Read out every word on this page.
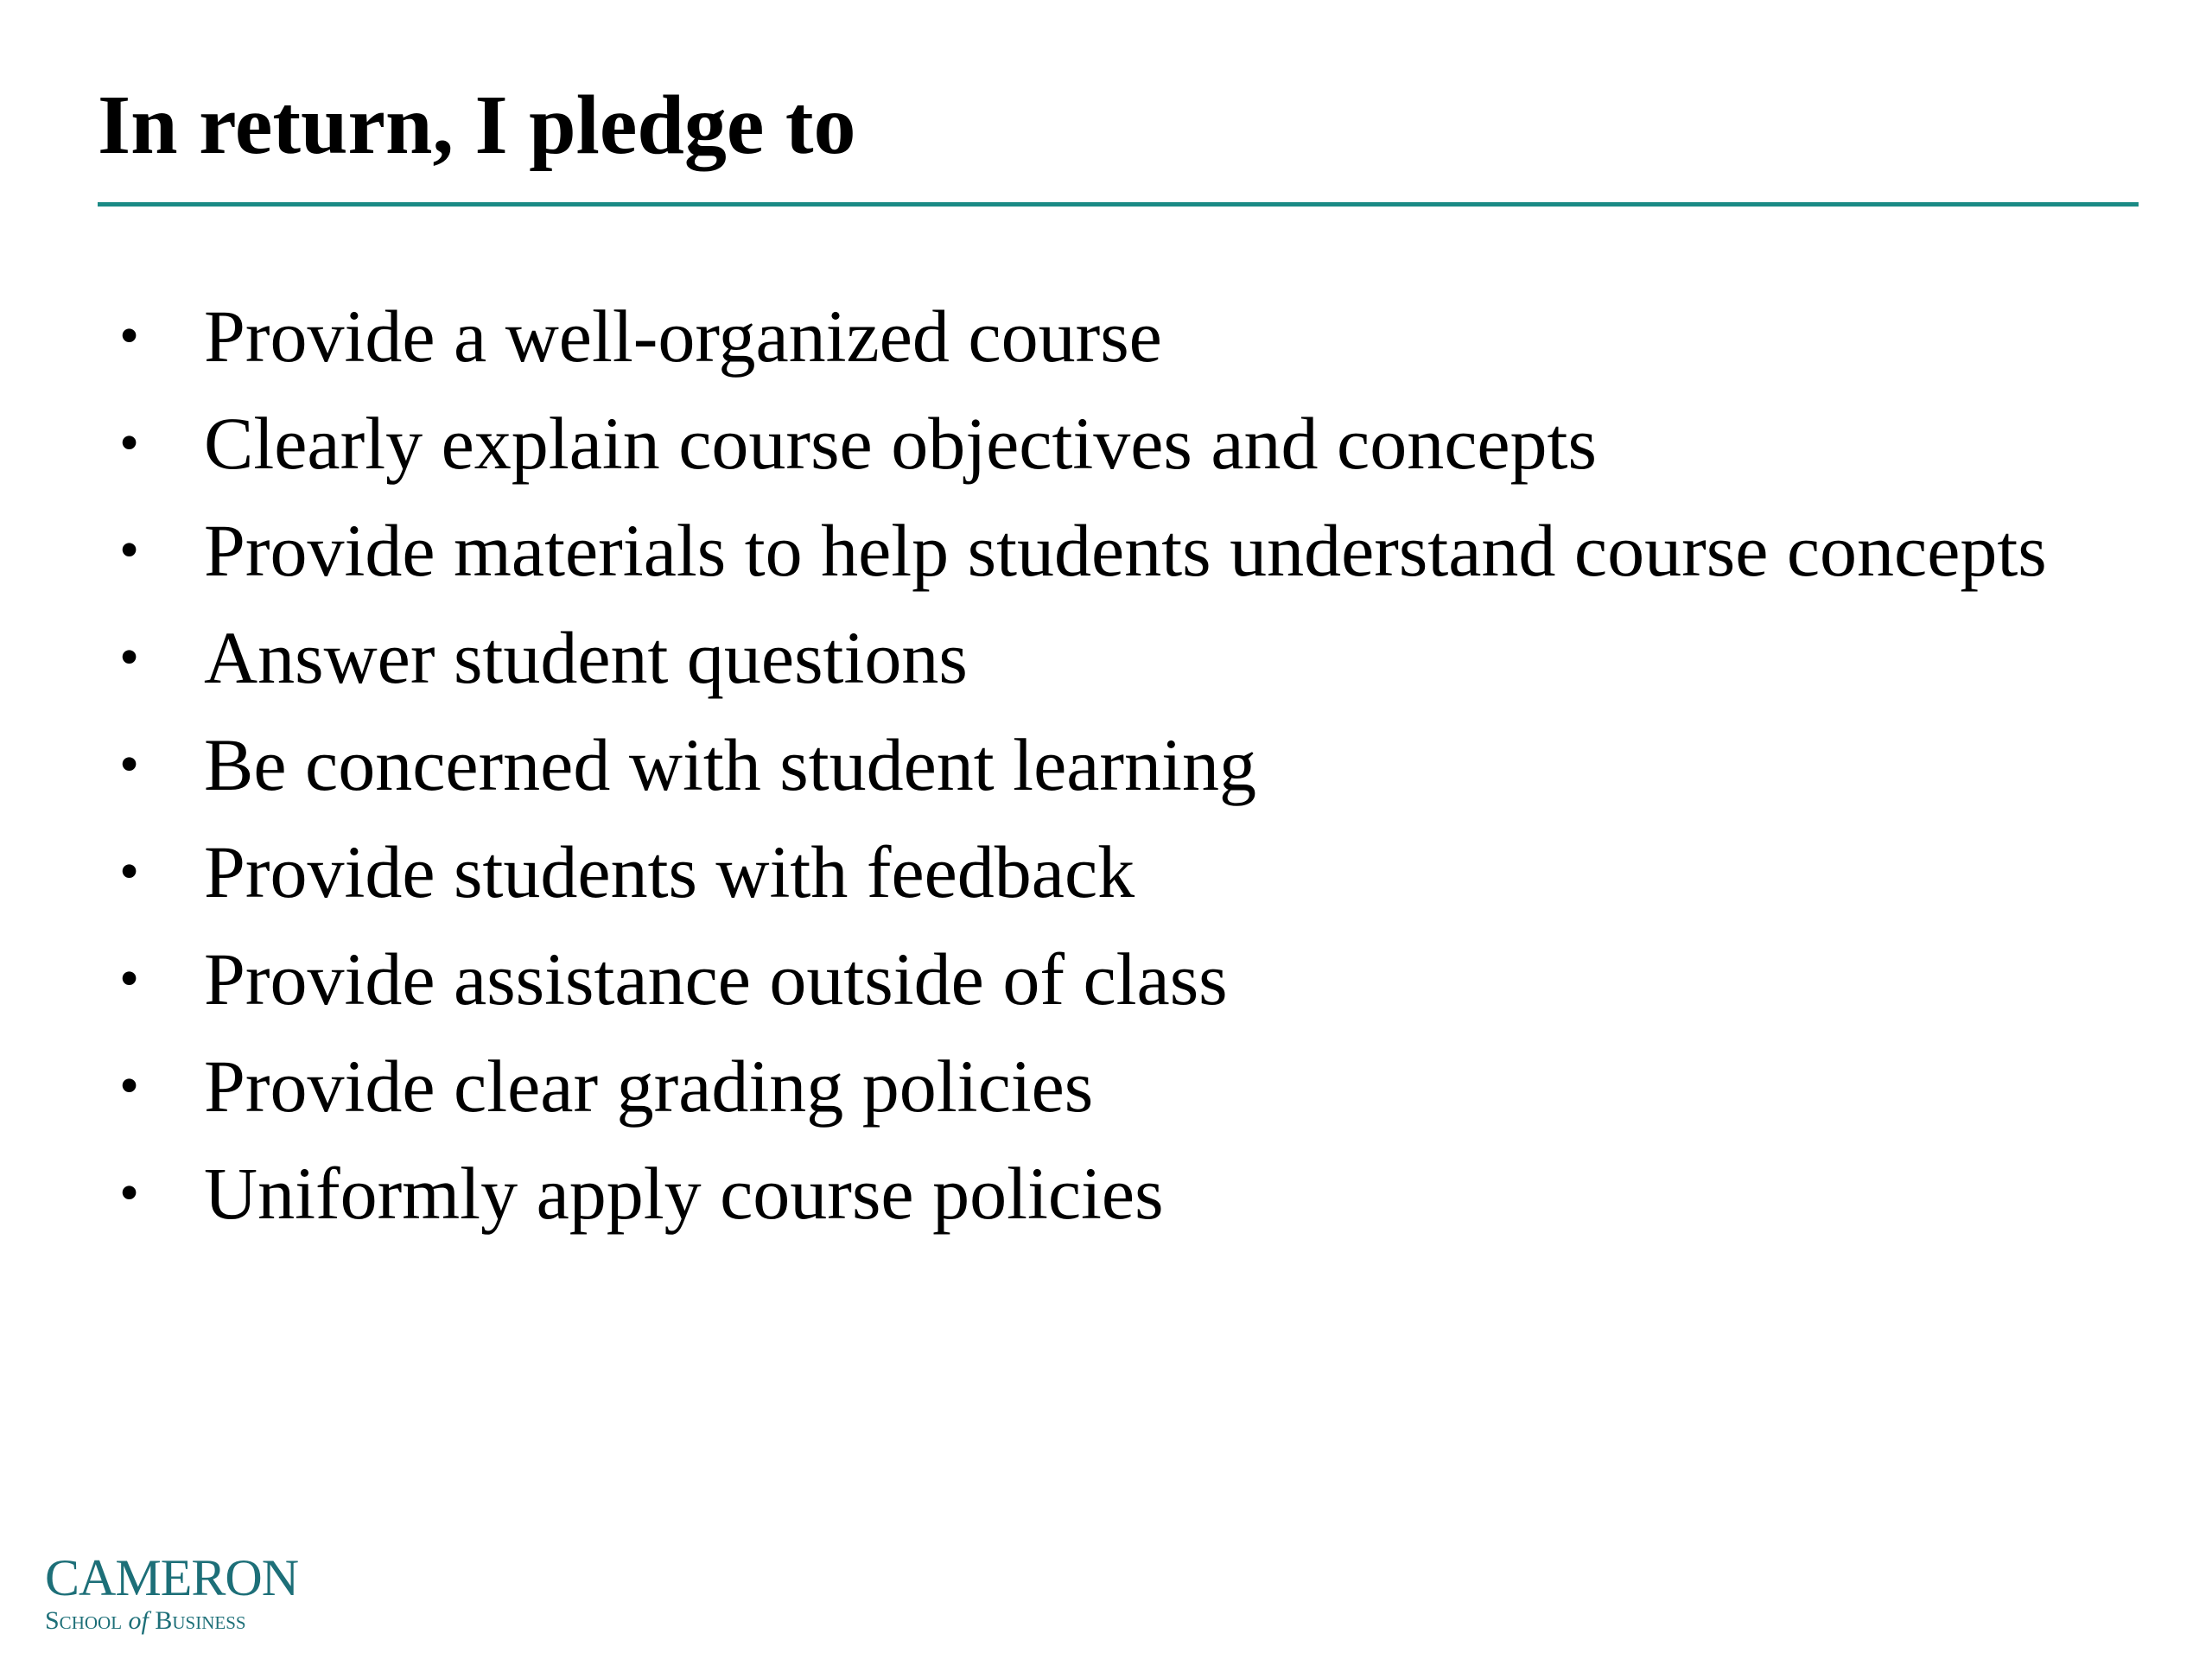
In return, I pledge to
• Provide a well-organized course
• Clearly explain course objectives and concepts
• Provide materials to help students understand course concepts
• Answer student questions
• Be concerned with student learning
• Provide students with feedback
• Provide assistance outside of class
• Provide clear grading policies
• Uniformly apply course policies
CAMERON
School of Business
